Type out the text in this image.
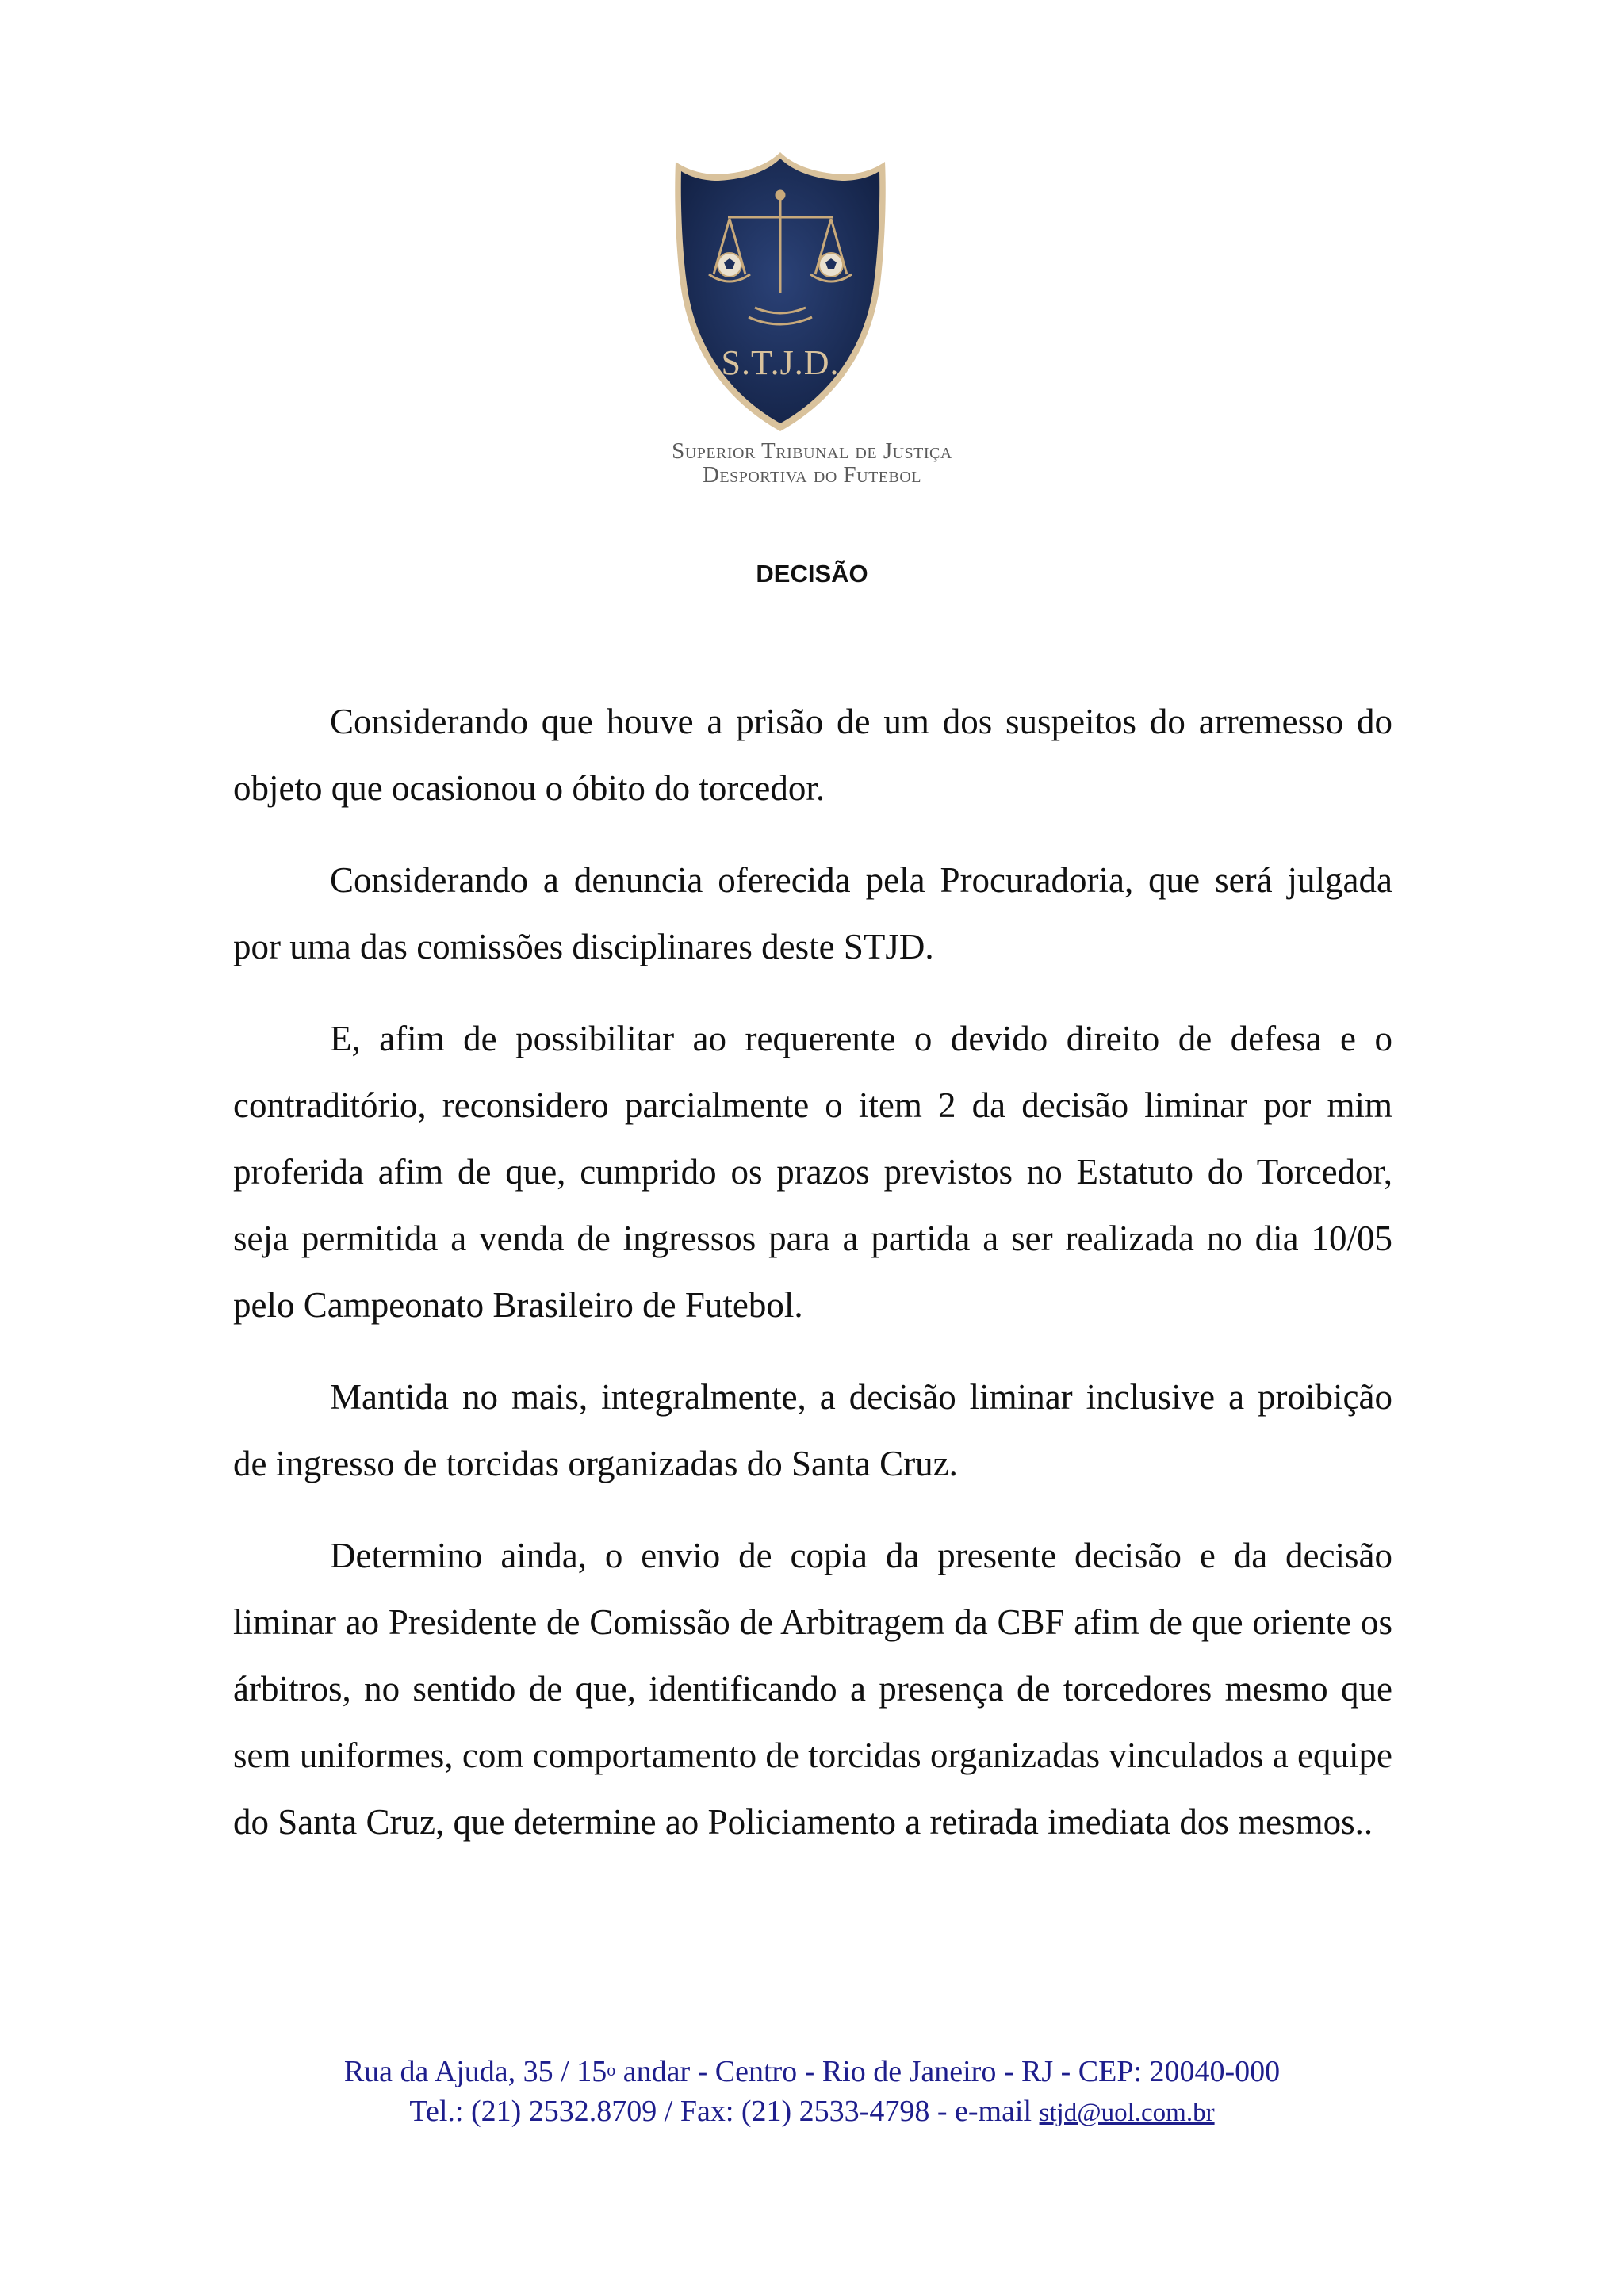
S.T.J.D.
Superior Tribunal de Justiça
Desportiva do Futebol
DECISÃO

Considerando que houve a prisão de um dos suspeitos do arremesso do objeto que ocasionou o óbito do torcedor.

Considerando a denuncia oferecida pela Procuradoria, que será julgada por uma das comissões disciplinares deste STJD.

E, afim de possibilitar ao requerente o devido direito de defesa e o contraditório, reconsidero parcialmente o item 2 da decisão liminar por mim proferida afim de que, cumprido os prazos previstos no Estatuto do Torcedor, seja permitida a venda de ingressos para a partida a ser realizada no dia 10/05 pelo Campeonato Brasileiro de Futebol.

Mantida no mais, integralmente, a decisão liminar inclusive a proibição de ingresso de torcidas organizadas do Santa Cruz.

Determino ainda, o envio de copia da presente decisão e da decisão liminar ao Presidente de Comissão de Arbitragem da CBF afim de que oriente os árbitros, no sentido de que, identificando a presença de torcedores mesmo que sem uniformes, com comportamento de torcidas organizadas vinculados a equipe do Santa Cruz, que determine ao Policiamento a retirada imediata dos mesmos..

Rua da Ajuda, 35 / 15$^o$ andar - Centro - Rio de Janeiro - RJ - CEP: 20040-000
Tel.: (21) 2532.8709 / Fax: (21) 2533-4798 - e-mail stjd@uol.com.br
